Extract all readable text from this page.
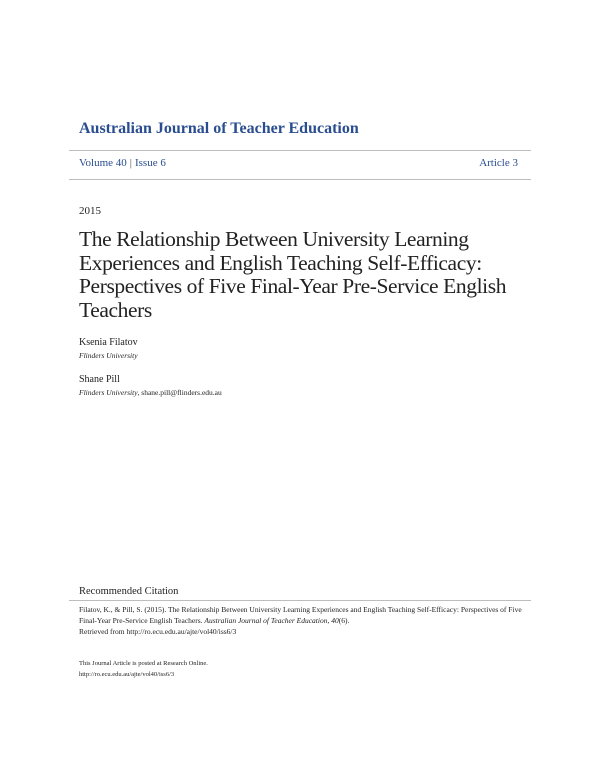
Australian Journal of Teacher Education
Volume 40 | Issue 6	Article 3
2015
The Relationship Between University Learning Experiences and English Teaching Self-Efficacy: Perspectives of Five Final-Year Pre-Service English Teachers
Ksenia Filatov
Flinders University
Shane Pill
Flinders University, shane.pill@flinders.edu.au
Recommended Citation
Filatov, K., & Pill, S. (2015). The Relationship Between University Learning Experiences and English Teaching Self-Efficacy: Perspectives of Five Final-Year Pre-Service English Teachers. Australian Journal of Teacher Education, 40(6).
Retrieved from http://ro.ecu.edu.au/ajte/vol40/iss6/3
This Journal Article is posted at Research Online.
http://ro.ecu.edu.au/ajte/vol40/iss6/3
